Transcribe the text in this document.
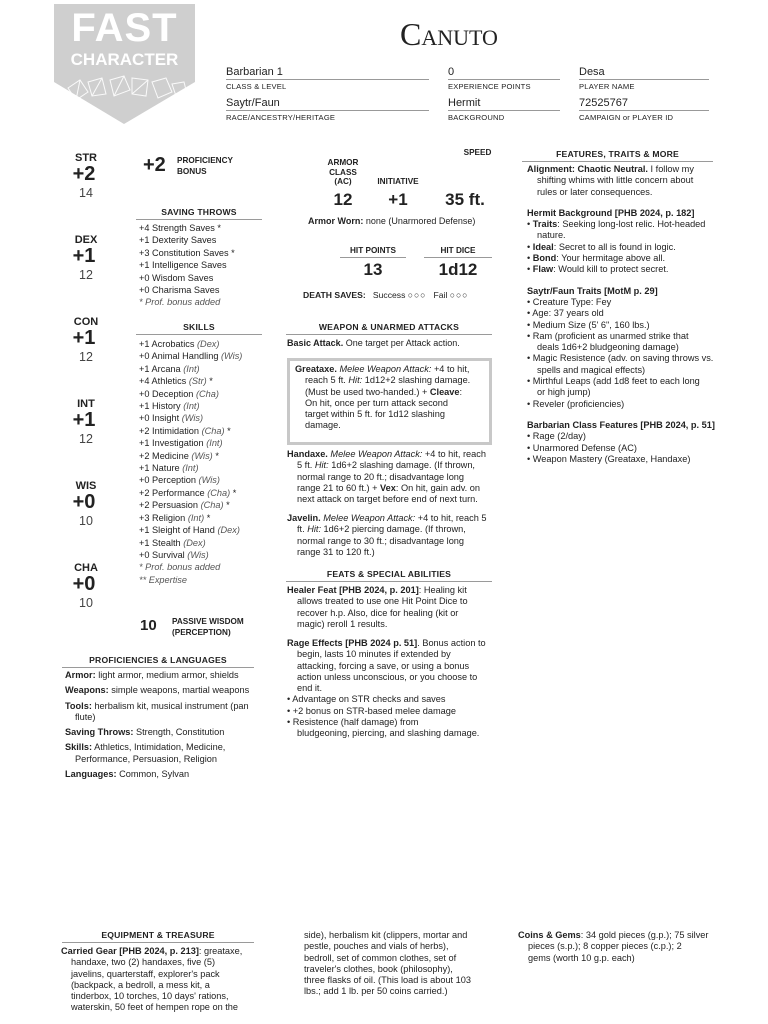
FAST
CHARACTER
Canuto
Barbarian 1
CLASS & LEVEL
0
EXPERIENCE POINTS
Desa
PLAYER NAME
Saytr/Faun
RACE/ANCESTRY/HERITAGE
Hermit
BACKGROUND
72525767
CAMPAIGN or PLAYER ID
STR
+2
14
DEX
+1
12
CON
+1
12
INT
+1
12
WIS
+0
10
CHA
+0
10
+2 PROFICIENCY
BONUS
SAVING THROWS
+4 Strength Saves *
+1 Dexterity Saves
+3 Constitution Saves *
+1 Intelligence Saves
+0 Wisdom Saves
+0 Charisma Saves
* Prof. bonus added
SKILLS
+1 Acrobatics (Dex)
+0 Animal Handling (Wis)
+1 Arcana (Int)
+4 Athletics (Str) *
+0 Deception (Cha)
+1 History (Int)
+0 Insight (Wis)
+2 Intimidation (Cha) *
+1 Investigation (Int)
+2 Medicine (Wis) *
+1 Nature (Int)
+0 Perception (Wis)
+2 Performance (Cha) *
+2 Persuasion (Cha) *
+3 Religion (Int) *
+1 Sleight of Hand (Dex)
+1 Stealth (Dex)
+0 Survival (Wis)
* Prof. bonus added
** Expertise
10 PASSIVE WISDOM
(PERCEPTION)
SPEED
ARMOR
CLASS
(AC)	INITIATIVE
12	+1	35 ft.
Armor Worn: none (Unarmored Defense)
HIT POINTS	HIT DICE
13	1d12
DEATH SAVES: Success ○○○ Fail ○○○
WEAPON & UNARMED ATTACKS
Basic Attack. One target per Attack action.
Greataxe. Melee Weapon Attack: +4 to hit,
reach 5 ft. Hit: 1d12+2 slashing damage.
(Must be used two-handed.) + Cleave:
On hit, once per turn attack second
target within 5 ft. for 1d12 slashing
damage.
Handaxe. Melee Weapon Attack: +4 to hit, reach
5 ft. Hit: 1d6+2 slashing damage. (If thrown,
normal range to 20 ft.; disadvantage long
range 21 to 60 ft.) + Vex: On hit, gain adv. on
next attack on target before end of next turn.
Javelin. Melee Weapon Attack: +4 to hit, reach 5
ft. Hit: 1d6+2 piercing damage. (If thrown,
normal range to 30 ft.; disadvantage long
range 31 to 120 ft.)
FEATS & SPECIAL ABILITIES
Healer Feat [PHB 2024, p. 201]: Healing kit
allows treated to use one Hit Point Dice to
recover h.p. Also, dice for healing (kit or
magic) reroll 1 results.
Rage Effects [PHB 2024 p. 51]. Bonus action to
begin, lasts 10 minutes if extended by
attacking, forcing a save, or using a bonus
action unless unconscious, or you choose to
end it.
• Advantage on STR checks and saves
• +2 bonus on STR-based melee damage
• Resistence (half damage) from
bludgeoning, piercing, and slashing damage.
FEATURES, TRAITS & MORE
Alignment: Chaotic Neutral. I follow my
shifting whims with little concern about
rules or later consequences.
Hermit Background [PHB 2024, p. 182]
• Traits: Seeking long-lost relic. Hot-headed
nature.
• Ideal: Secret to all is found in logic.
• Bond: Your hermitage above all.
• Flaw: Would kill to protect secret.
Saytr/Faun Traits [MotM p. 29]
• Creature Type: Fey
• Age: 37 years old
• Medium Size (5' 6", 160 lbs.)
• Ram (proficient as unarmed strike that
deals 1d6+2 bludgeoning damage)
• Magic Resistence (adv. on saving throws vs.
spells and magical effects)
• Mirthful Leaps (add 1d8 feet to each long
or high jump)
• Reveler (proficiencies)
Barbarian Class Features [PHB 2024, p. 51]
• Rage (2/day)
• Unarmored Defense (AC)
• Weapon Mastery (Greataxe, Handaxe)
PROFICIENCIES & LANGUAGES
Armor: light armor, medium armor, shields
Weapons: simple weapons, martial weapons
Tools: herbalism kit, musical instrument (pan
flute)
Saving Throws: Strength, Constitution
Skills: Athletics, Intimidation, Medicine,
Performance, Persuasion, Religion
Languages: Common, Sylvan
EQUIPMENT & TREASURE
Carried Gear [PHB 2024, p. 213]: greataxe,
handaxe, two (2) handaxes, five (5)
javelins, quarterstaff, explorer's pack
(backpack, a bedroll, a mess kit, a
tinderbox, 10 torches, 10 days' rations,
waterskin, 50 feet of hempen rope on the
side), herbalism kit (clippers, mortar and
pestle, pouches and vials of herbs),
bedroll, set of common clothes, set of
traveler's clothes, book (philosophy),
three flasks of oil. (This load is about 103
lbs.; add 1 lb. per 50 coins carried.)
Coins & Gems: 34 gold pieces (g.p.); 75 silver
pieces (s.p.); 8 copper pieces (c.p.); 2
gems (worth 10 g.p. each)
